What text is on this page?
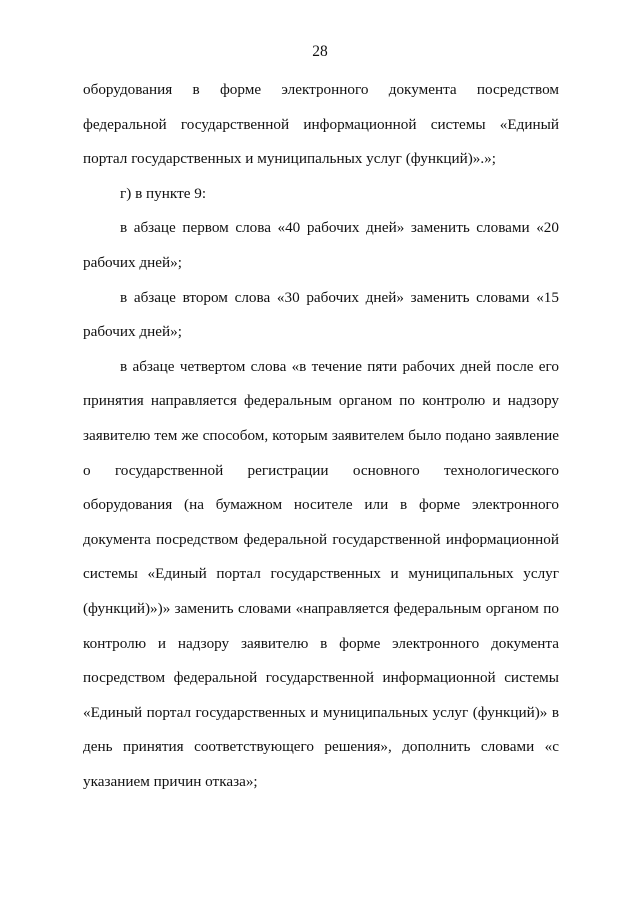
28

оборудования в форме электронного документа посредством федеральной государственной информационной системы «Единый портал государственных и муниципальных услуг (функций)».»;

г) в пункте 9:

в абзаце первом слова «40 рабочих дней» заменить словами «20 рабочих дней»;

в абзаце втором слова «30 рабочих дней» заменить словами «15 рабочих дней»;

в абзаце четвертом слова «в течение пяти рабочих дней после его принятия направляется федеральным органом по контролю и надзору заявителю тем же способом, которым заявителем было подано заявление о государственной регистрации основного технологического оборудования (на бумажном носителе или в форме электронного документа посредством федеральной государственной информационной системы «Единый портал государственных и муниципальных услуг (функций)»)» заменить словами «направляется федеральным органом по контролю и надзору заявителю в форме электронного документа посредством федеральной государственной информационной системы «Единый портал государственных и муниципальных услуг (функций)» в день принятия соответствующего решения», дополнить словами «с указанием причин отказа»;
